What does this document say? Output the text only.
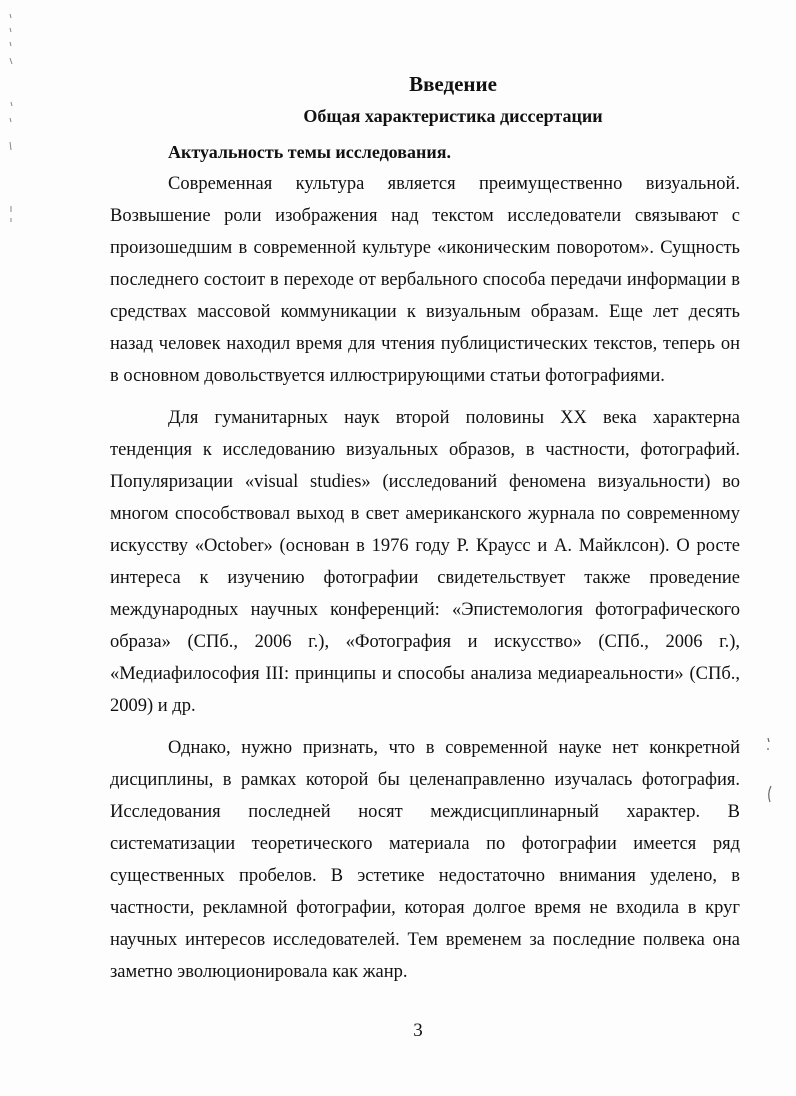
Введение
Общая характеристика диссертации
Актуальность темы исследования.

Современная культура является преимущественно визуальной. Возвышение роли изображения над текстом исследователи связывают с произошедшим в современной культуре «иконическим поворотом». Сущность последнего состоит в переходе от вербального способа передачи информации в средствах массовой коммуникации к визуальным образам. Еще лет десять назад человек находил время для чтения публицистических текстов, теперь он в основном довольствуется иллюстрирующими статьи фотографиями.

Для гуманитарных наук второй половины XX века характерна тенденция к исследованию визуальных образов, в частности, фотографий. Популяризации «visual studies» (исследований феномена визуальности) во многом способствовал выход в свет американского журнала по современному искусству «October» (основан в 1976 году Р. Краусс и А. Майклсон). О росте интереса к изучению фотографии свидетельствует также проведение международных научных конференций: «Эпистемология фотографического образа» (СПб., 2006 г.), «Фотография и искусство» (СПб., 2006 г.), «Медиафилософия III: принципы и способы анализа медиареальности» (СПб., 2009) и др.

Однако, нужно признать, что в современной науке нет конкретной дисциплины, в рамках которой бы целенаправленно изучалась фотография. Исследования последней носят междисциплинарный характер. В систематизации теоретического материала по фотографии имеется ряд существенных пробелов. В эстетике недостаточно внимания уделено, в частности, рекламной фотографии, которая долгое время не входила в круг научных интересов исследователей. Тем временем за последние полвека она заметно эволюционировала как жанр.

3
